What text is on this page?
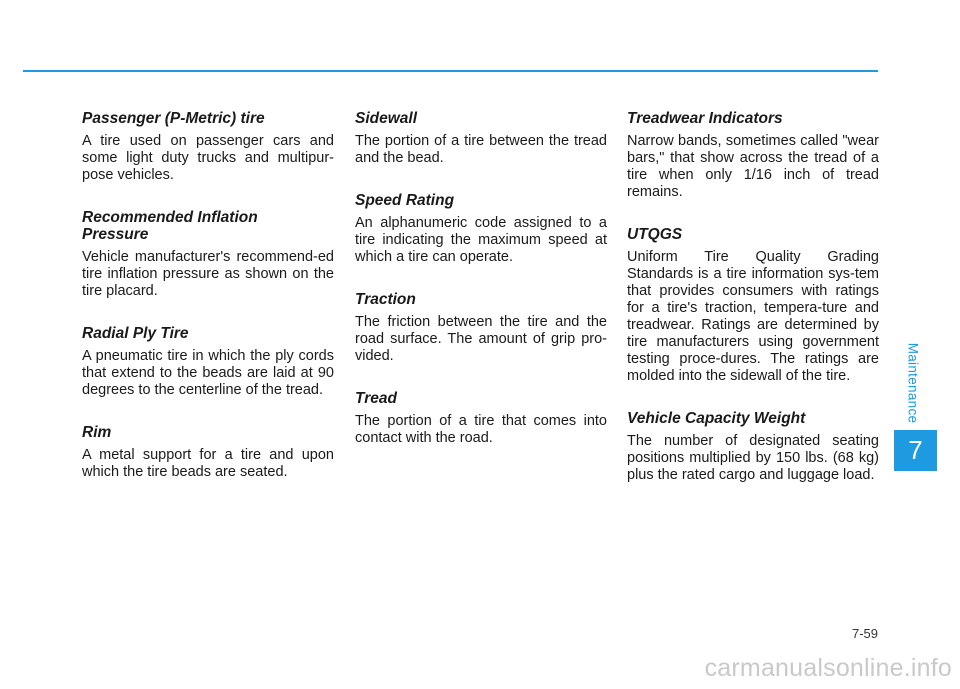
Passenger (P-Metric) tire

A tire used on passenger cars and some light duty trucks and multipur-pose vehicles.

Recommended Inflation Pressure

Vehicle manufacturer's recommend-ed tire inflation pressure as shown on the tire placard.

Radial Ply Tire

A pneumatic tire in which the ply cords that extend to the beads are laid at 90 degrees to the centerline of the tread.

Rim

A metal support for a tire and upon which the tire beads are seated.

Sidewall

The portion of a tire between the tread and the bead.

Speed Rating

An alphanumeric code assigned to a tire indicating the maximum speed at which a tire can operate.

Traction

The friction between the tire and the road surface. The amount of grip pro-vided.

Tread

The portion of a tire that comes into contact with the road.

Treadwear Indicators

Narrow bands, sometimes called "wear bars," that show across the tread of a tire when only 1/16 inch of tread remains.

UTQGS

Uniform Tire Quality Grading Standards is a tire information sys-tem that provides consumers with ratings for a tire's traction, tempera-ture and treadwear. Ratings are determined by tire manufacturers using government testing proce-dures. The ratings are molded into the sidewall of the tire.

Vehicle Capacity Weight

The number of designated seating positions multiplied by 150 lbs. (68 kg) plus the rated cargo and luggage load.

Maintenance
7
7-59
carmanualsonline.info
